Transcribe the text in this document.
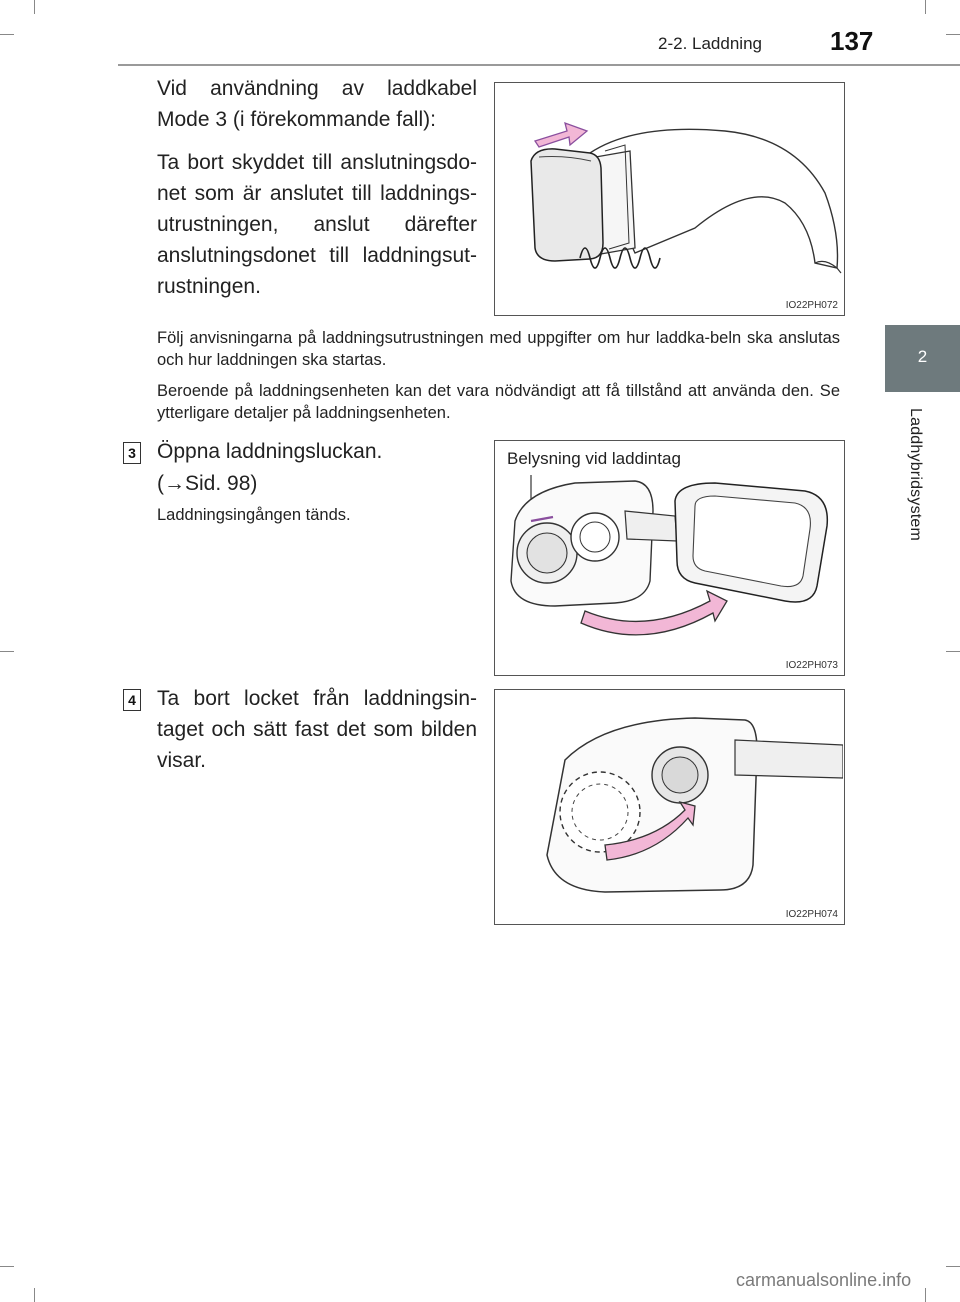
2-2. Laddning	137
2
Laddhybridsystem
Vid användning av laddkabel Mode 3 (i förekommande fall):
Ta bort skyddet till anslutningsdo-net som är anslutet till laddnings-utrustningen, anslut därefter anslutningsdonet till laddningsut-rustningen.
IO22PH072
Följ anvisningarna på laddningsutrustningen med uppgifter om hur laddka-beln ska anslutas och hur laddningen ska startas.
Beroende på laddningsenheten kan det vara nödvändigt att få tillstånd att använda den. Se ytterligare detaljer på laddningsenheten.
3 Öppna laddningsluckan.
(→Sid. 98)
Laddningsingången tänds.
Belysning vid laddintag
IO22PH073
4 Ta bort locket från laddningsin-taget och sätt fast det som bilden visar.
IO22PH074
carmanualsonline.info
